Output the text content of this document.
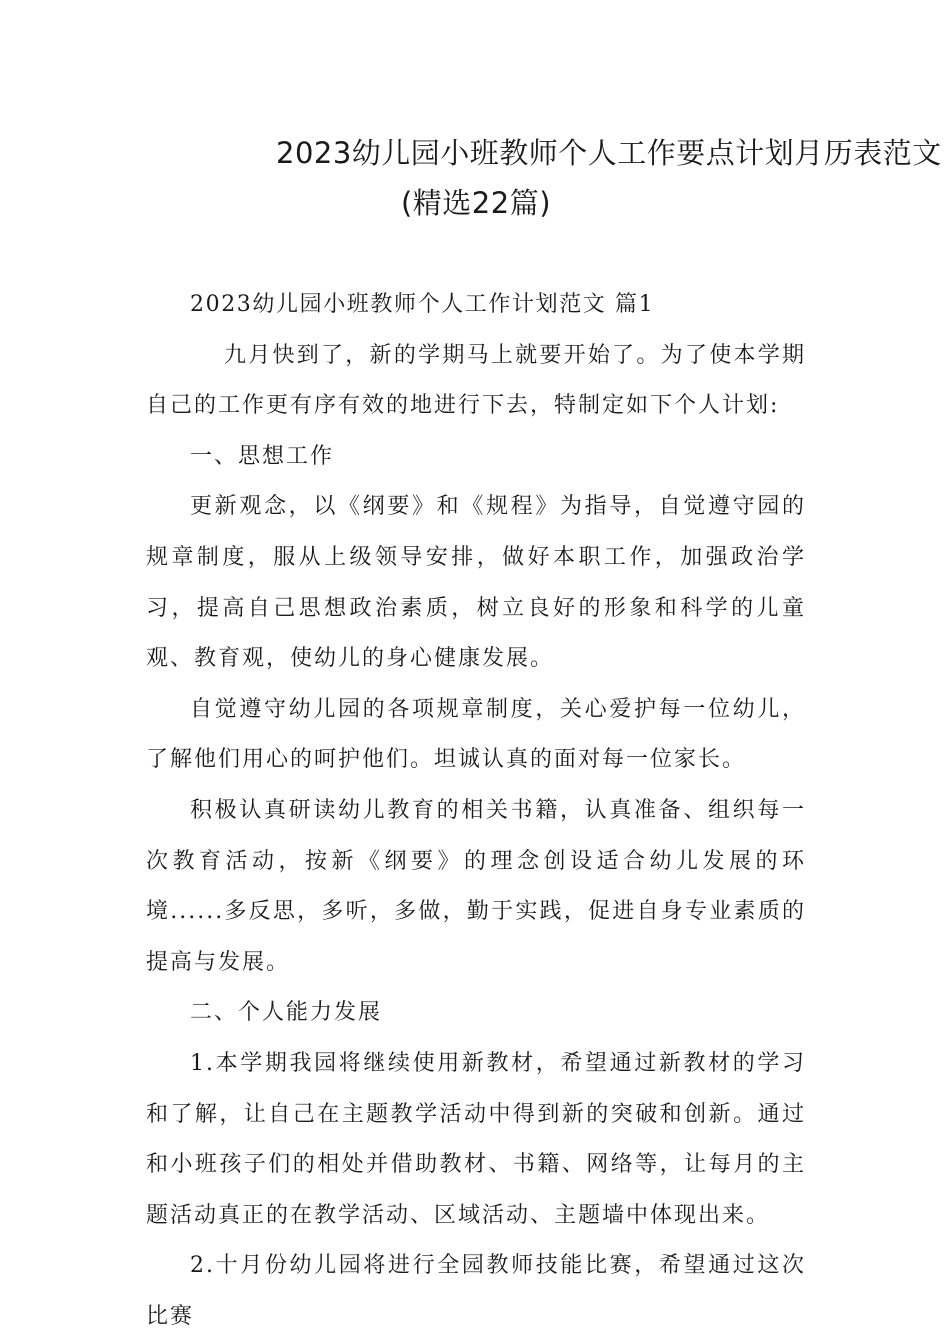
2023幼儿园小班教师个人工作要点计划月历表范文
(精选22篇)

2023幼儿园小班教师个人工作计划范文 篇1

九月快到了，新的学期马上就要开始了。为了使本学期自己的工作更有序有效的地进行下去，特制定如下个人计划:

一、思想工作

更新观念，以《纲要》和《规程》为指导，自觉遵守园的规章制度，服从上级领导安排，做好本职工作，加强政治学习，提高自己思想政治素质，树立良好的形象和科学的儿童观、教育观，使幼儿的身心健康发展。

自觉遵守幼儿园的各项规章制度，关心爱护每一位幼儿，了解他们用心的呵护他们。坦诚认真的面对每一位家长。

积极认真研读幼儿教育的相关书籍，认真准备、组织每一次教育活动，按新《纲要》的理念创设适合幼儿发展的环境......多反思，多听，多做，勤于实践，促进自身专业素质的提高与发展。

二、个人能力发展

1.本学期我园将继续使用新教材，希望通过新教材的学习和了解，让自己在主题教学活动中得到新的突破和创新。通过和小班孩子们的相处并借助教材、书籍、网络等，让每月的主题活动真正的在教学活动、区域活动、主题墙中体现出来。

2.十月份幼儿园将进行全园教师技能比赛，希望通过这次比赛
